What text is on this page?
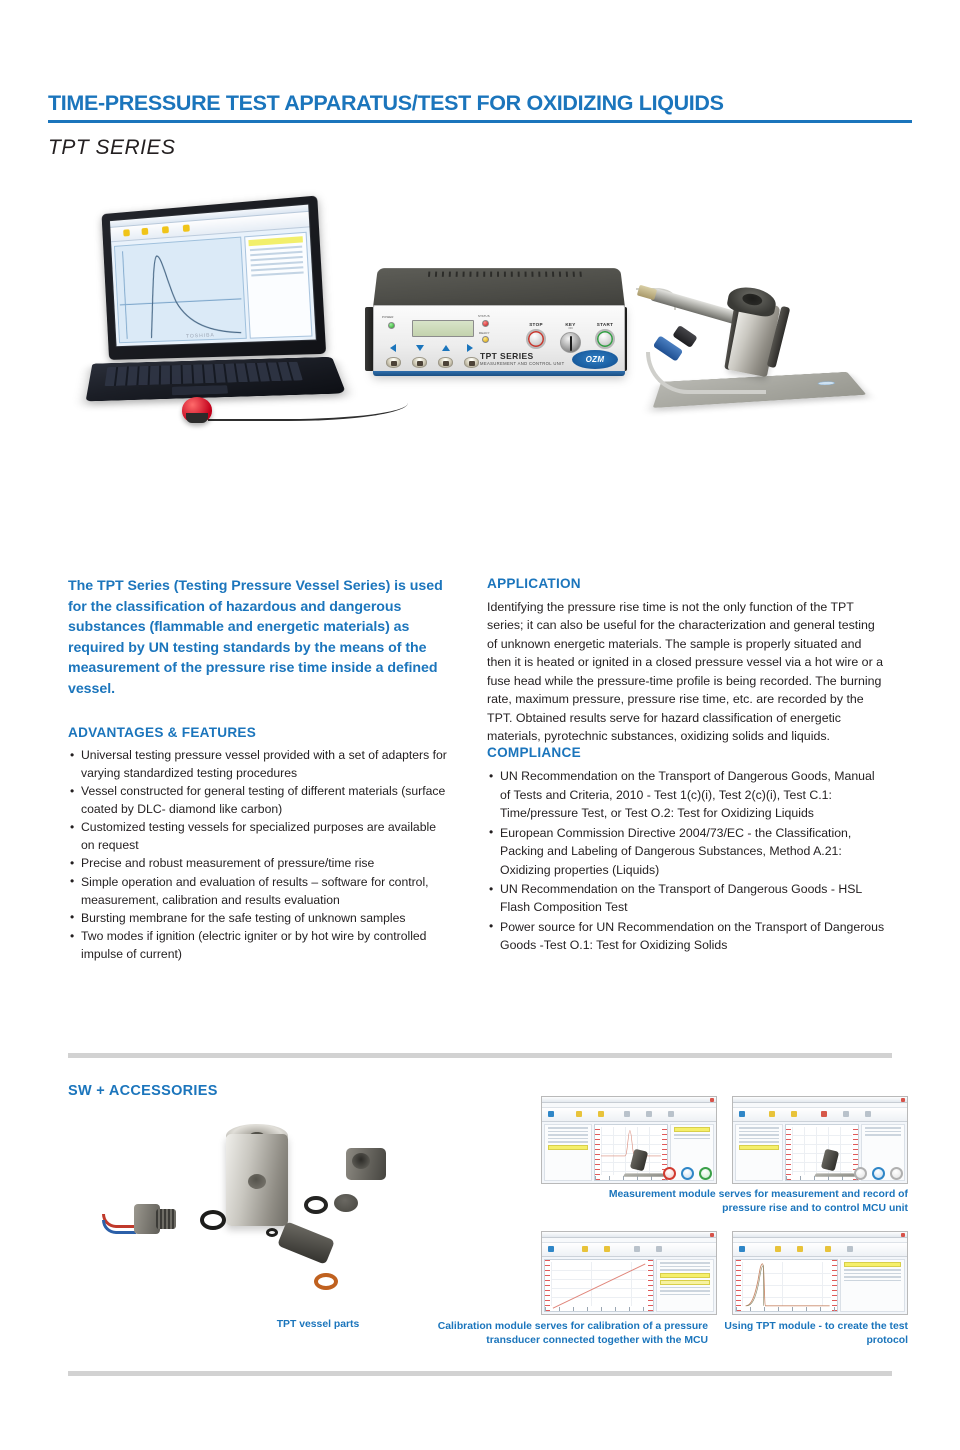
TIME-PRESSURE TEST APPARATUS/TEST FOR OXIDIZING LIQUIDS
TPT SERIES
TOSHIBA
POWER	STATUS
READY
TPT SERIES
MEASUREMENT AND CONTROL UNIT
STOP	KEY
ON
START
OZM
The TPT Series (Testing Pressure Vessel Series) is used for the classification of hazardous and dangerous substances (flammable and energetic materials) as required by UN testing standards by the means of the measurement of the pressure rise time inside a defined vessel.
ADVANTAGES & FEATURES
• Universal testing pressure vessel provided with a set of adapters for varying standardized testing procedures
• Vessel constructed for general testing of different materials (surface coated by DLC- diamond like carbon)
• Customized testing vessels for specialized purposes are available on request
• Precise and robust measurement of pressure/time rise
• Simple operation and evaluation of results – software for control, measurement, calibration and results evaluation
• Bursting membrane for the safe testing of unknown samples
• Two modes if ignition (electric igniter or by hot wire by controlled impulse of current)
APPLICATION

Identifying the pressure rise time is not the only function of the TPT series; it can also be useful for the characterization and general testing of unknown energetic materials. The sample is properly situated and then it is heated or ignited in a closed pressure vessel via a hot wire or a fuse head while the pressure-time profile is being recorded. The burning rate, maximum pressure, pressure rise time, etc. are recorded by the TPT. Obtained results serve for hazard classification of energetic materials, pyrotechnic substances, oxidizing solids and liquids.

COMPLIANCE
• UN Recommendation on the Transport of Dangerous Goods, Manual of Tests and Criteria, 2010 - Test 1(c)(i), Test 2(c)(i), Test C.1: Time/pressure Test, or Test O.2: Test for Oxidizing Liquids
• European Commission Directive 2004/73/EC - the Classification, Packing and Labeling of Dangerous Substances, Method A.21: Oxidizing properties (Liquids)
• UN Recommendation on the Transport of Dangerous Goods - HSL Flash Composition Test
• Power source for UN Recommendation on the Transport of Dangerous Goods -Test O.1: Test for Oxidizing Solids
SW + ACCESSORIES
Measurement module serves for measurement and record of pressure rise and to control MCU unit
TPT vessel parts	Calibration module serves for calibration of a pressure transducer connected together with the MCU
Using TPT module - to create the test protocol
